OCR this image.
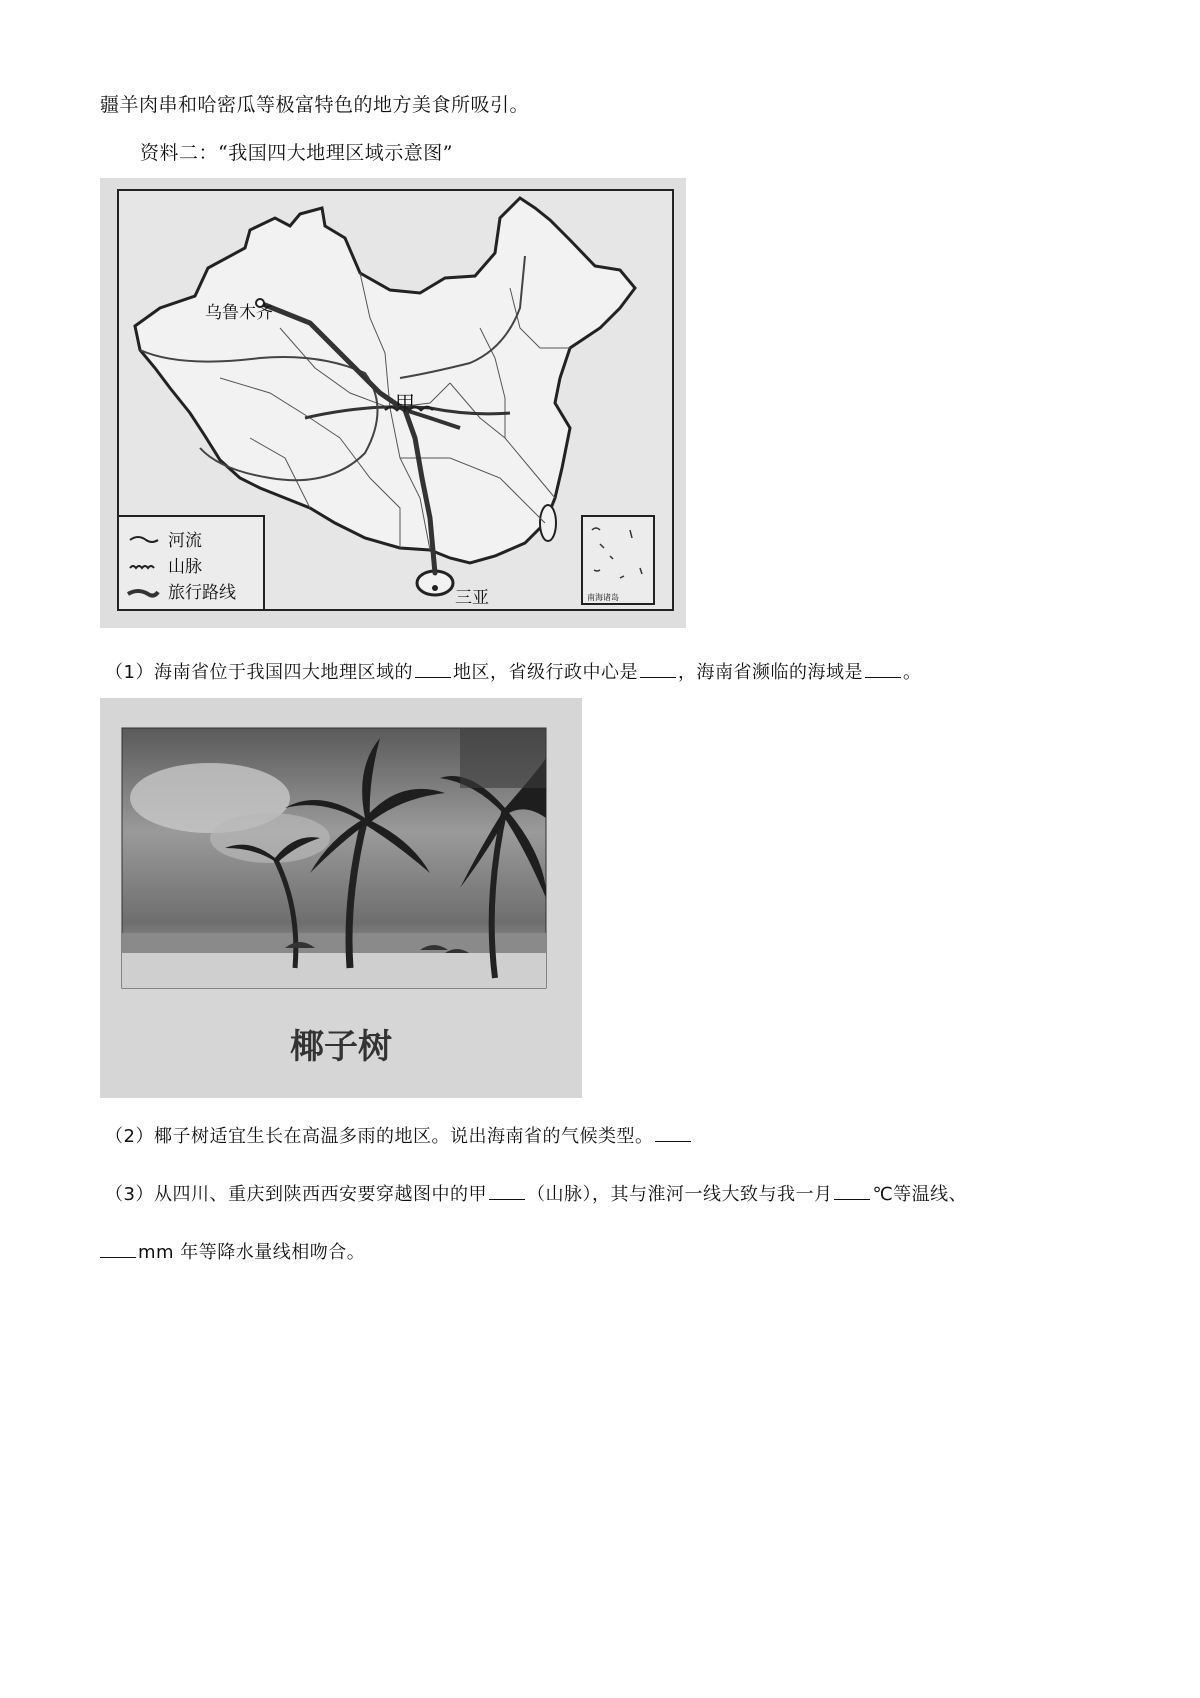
疆羊肉串和哈密瓜等极富特色的地方美食所吸引。
资料二：“我国四大地理区域示意图”
乌鲁木齐
甲
三亚	南海诸岛
河流
山脉
旅行路线
（1）海南省位于我国四大地理区域的 地区，省级行政中心是 ，海南省濒临的海域是 。
椰子树
（2）椰子树适宜生长在高温多雨的地区。说出海南省的气候类型。
（3）从四川、重庆到陕西西安要穿越图中的甲 （山脉），其与淮河一线大致与我一月 ℃等温线、
mm 年等降水量线相吻合。
